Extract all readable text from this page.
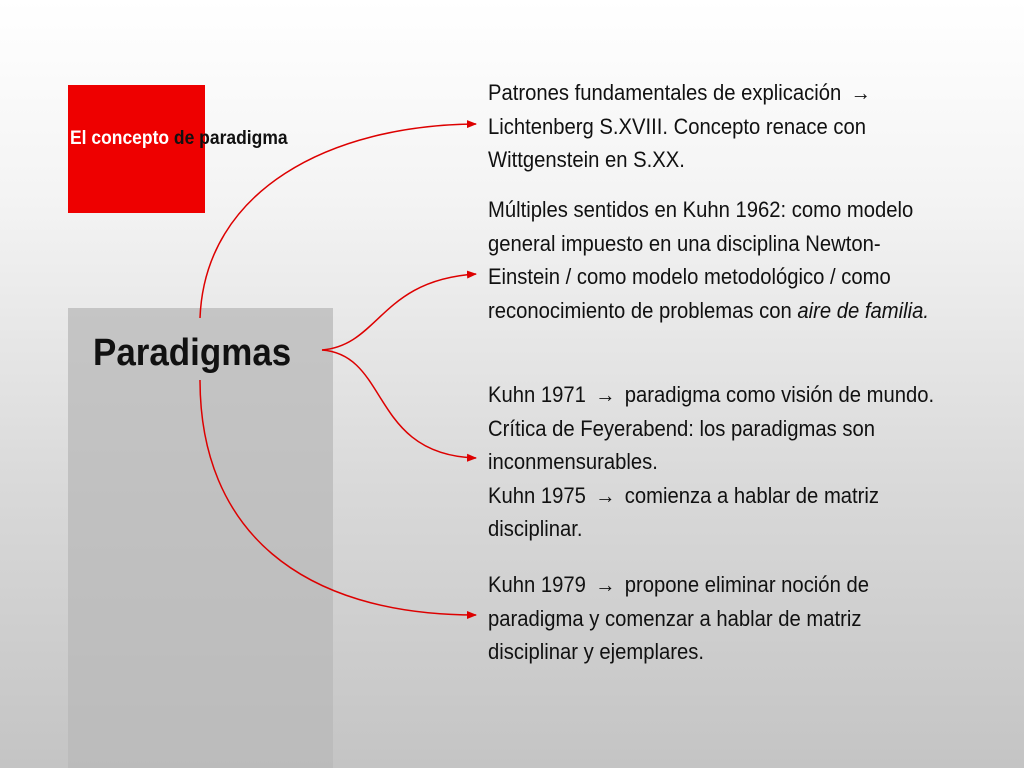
El concepto de paradigma
Paradigmas

Patrones fundamentales de explicación → Lichtenberg S.XVIII. Concepto renace con Wittgenstein en S.XX.

Múltiples sentidos en Kuhn 1962: como modelo general impuesto en una disciplina Newton-Einstein / como modelo metodológico / como reconocimiento de problemas con aire de familia.

Kuhn 1971 → paradigma como visión de mundo. Crítica de Feyerabend: los paradigmas son inconmensurables.

Kuhn 1975 → comienza a hablar de matriz disciplinar.

Kuhn 1979 → propone eliminar noción de paradigma y comenzar a hablar de matriz disciplinar y ejemplares.
